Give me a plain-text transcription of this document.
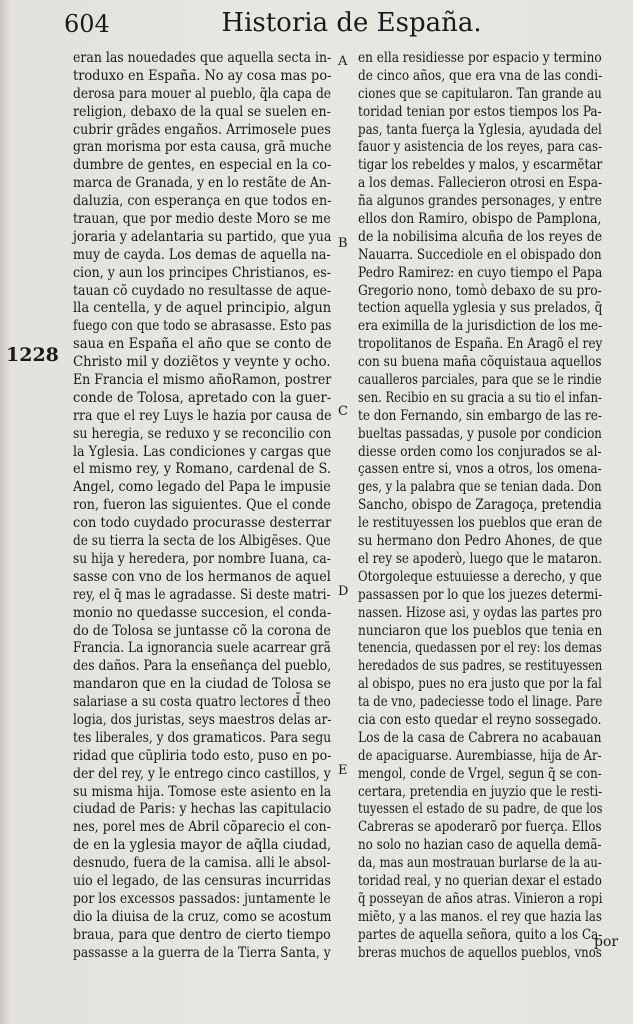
604	Historia de España.
1228
eran las nouedades que aquella secta in-
troduxo en España. No ay cosa mas po-
derosa para mouer al pueblo, q̃la capa de
religion, debaxo de la qual se suelen en-
cubrir grãdes engaños. Arrimosele pues
gran morisma por esta causa, grã muche
dumbre de gentes, en especial en la co-
marca de Granada, y en lo restãte de An-
daluzia, con esperança en que todos en-
trauan, que por medio deste Moro se me
joraria y adelantaria su partido, que yua
muy de cayda. Los demas de aquella na-
cion, y aun los principes Christianos, es-
tauan cõ cuydado no resultasse de aque-
lla centella, y de aquel principio, algun
fuego con que todo se abrasasse. Esto pas
saua en España el año que se conto de
Christo mil y doziẽtos y veynte y ocho.
En Francia el mismo añoRamon, postrer
conde de Tolosa, apretado con la guer-
rra que el rey Luys le hazia por causa de
su heregia, se reduxo y se reconcilio con
la Yglesia. Las condiciones y cargas que
el mismo rey, y Romano, cardenal de S.
Angel, como legado del Papa le impusie
ron, fueron las siguientes. Que el conde
con todo cuydado procurasse desterrar
de su tierra la secta de los Albigẽses. Que
su hija y heredera, por nombre Iuana, ca-
sasse con vno de los hermanos de aquel
rey, el q̃ mas le agradasse. Si deste matri-
monio no quedasse succesion, el conda-
do de Tolosa se juntasse cõ la corona de
Francia. La ignorancia suele acarrear grã
des daños. Para la enseñança del pueblo,
mandaron que en la ciudad de Tolosa se
salariase a su costa quatro lectores d̃ theo
logia, dos juristas, seys maestros delas ar-
tes liberales, y dos gramaticos. Para segu
ridad que cũpliria todo esto, puso en po-
der del rey, y le entrego cinco castillos, y
su misma hija. Tomose este asiento en la
ciudad de Paris: y hechas las capitulacio
nes, porel mes de Abril cõparecio el con-
de en la yglesia mayor de aq̃lla ciudad,
desnudo, fuera de la camisa. alli le absol-
uio el legado, de las censuras incurridas
por los excessos passados: juntamente le
dio la diuisa de la cruz, como se acostum
braua, para que dentro de cierto tiempo
passasse a la guerra de la Tierra Santa, y
en ella residiesse por espacio y termino
de cinco años, que era vna de las condi-
ciones que se capitularon. Tan grande au
toridad tenian por estos tiempos los Pa-
pas, tanta fuerça la Yglesia, ayudada del
fauor y asistencia de los reyes, para cas-
tigar los rebeldes y malos, y escarmẽtar
a los demas. Fallecieron otrosi en Espa-
ña algunos grandes personages, y entre
ellos don Ramiro, obispo de Pamplona,
de la nobilisima alcuña de los reyes de
Nauarra. Succediole en el obispado don
Pedro Ramirez: en cuyo tiempo el Papa
Gregorio nono, tomò debaxo de su pro-
tection aquella yglesia y sus prelados, q̃
era eximilla de la jurisdiction de los me-
tropolitanos de España. En Aragõ el rey
con su buena maña cõquistaua aquellos
caualleros parciales, para que se le rindie
sen. Recibio en su gracia a su tio el infan-
te don Fernando, sin embargo de las re-
bueltas passadas, y pusole por condicion
diesse orden como los conjurados se al-
çassen entre si, vnos a otros, los omena-
ges, y la palabra que se tenian dada. Don
Sancho, obispo de Zaragoça, pretendia
le restituyessen los pueblos que eran de
su hermano don Pedro Ahones, de que
el rey se apoderò, luego que le mataron.
Otorgoleque estuuiesse a derecho, y que
passassen por lo que los juezes determi-
nassen. Hizose asi, y oydas las partes pro
nunciaron que los pueblos que tenia en
tenencia, quedassen por el rey: los demas
heredados de sus padres, se restituyessen
al obispo, pues no era justo que por la fal
ta de vno, padeciesse todo el linage. Pare
cia con esto quedar el reyno sossegado.
Los de la casa de Cabrera no acabauan
de apaciguarse. Aurembiasse, hija de Ar-
mengol, conde de Vrgel, segun q̃ se con-
certara, pretendia en juyzio que le resti-
tuyessen el estado de su padre, de que los
Cabreras se apoderarõ por fuerça. Ellos
no solo no hazian caso de aquella demã-
da, mas aun mostrauan burlarse de la au-
toridad real, y no querian dexar el estado
q̃ posseyan de años atras. Vinieron a ropi
miẽto, y a las manos. el rey que hazia las
partes de aquella señora, quito a los Ca-
breras muchos de aquellos pueblos, vnos
A
B
C
D
E
por
